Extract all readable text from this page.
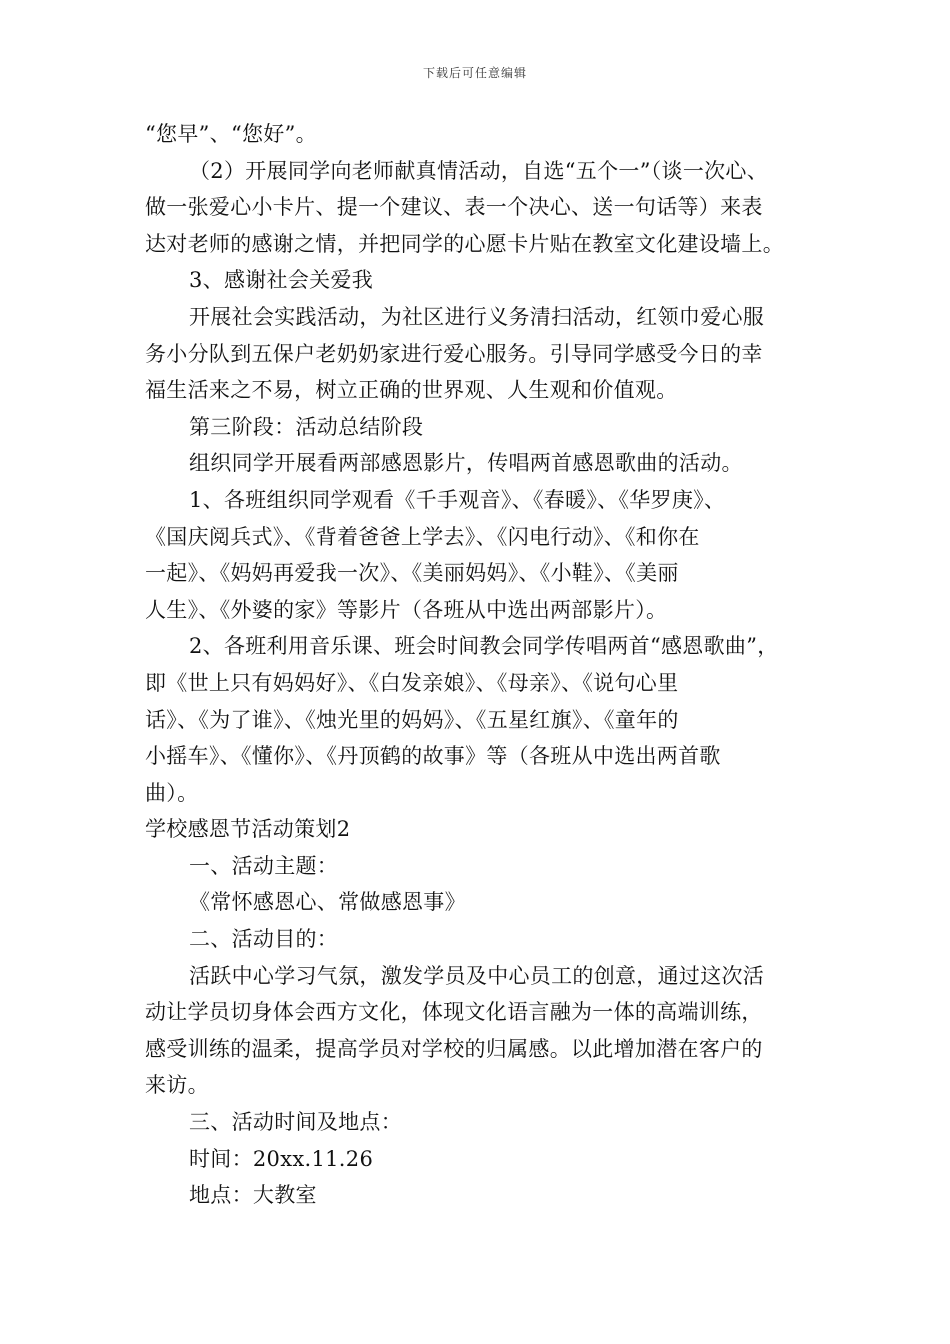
下载后可任意编辑
“您早”、“您好”。
（2）开展同学向老师献真情活动，自选“五个一”（谈一次心、
做一张爱心小卡片、提一个建议、表一个决心、送一句话等）来表
达对老师的感谢之情，并把同学的心愿卡片贴在教室文化建设墙上。
3、感谢社会关爱我
开展社会实践活动，为社区进行义务清扫活动，红领巾爱心服
务小分队到五保户老奶奶家进行爱心服务。引导同学感受今日的幸
福生活来之不易，树立正确的世界观、人生观和价值观。
第三阶段：活动总结阶段
组织同学开展看两部感恩影片，传唱两首感恩歌曲的活动。
1、各班组织同学观看《千手观音》、《春暖》、《华罗庚》、
《国庆阅兵式》、《背着爸爸上学去》、《闪电行动》、《和你在
一起》、《妈妈再爱我一次》、《美丽妈妈》、《小鞋》、《美丽
人生》、《外婆的家》等影片（各班从中选出两部影片）。
2、各班利用音乐课、班会时间教会同学传唱两首“感恩歌曲”，
即《世上只有妈妈好》、《白发亲娘》、《母亲》、《说句心里
话》、《为了谁》、《烛光里的妈妈》、《五星红旗》、《童年的
小摇车》、《懂你》、《丹顶鹤的故事》等（各班从中选出两首歌
曲）。
学校感恩节活动策划2
一、活动主题：
《常怀感恩心、常做感恩事》
二、活动目的：
活跃中心学习气氛，激发学员及中心员工的创意，通过这次活
动让学员切身体会西方文化，体现文化语言融为一体的高端训练，
感受训练的温柔，提高学员对学校的归属感。以此增加潜在客户的
来访。
三、活动时间及地点：
时间：20xx.11.26
地点：大教室
